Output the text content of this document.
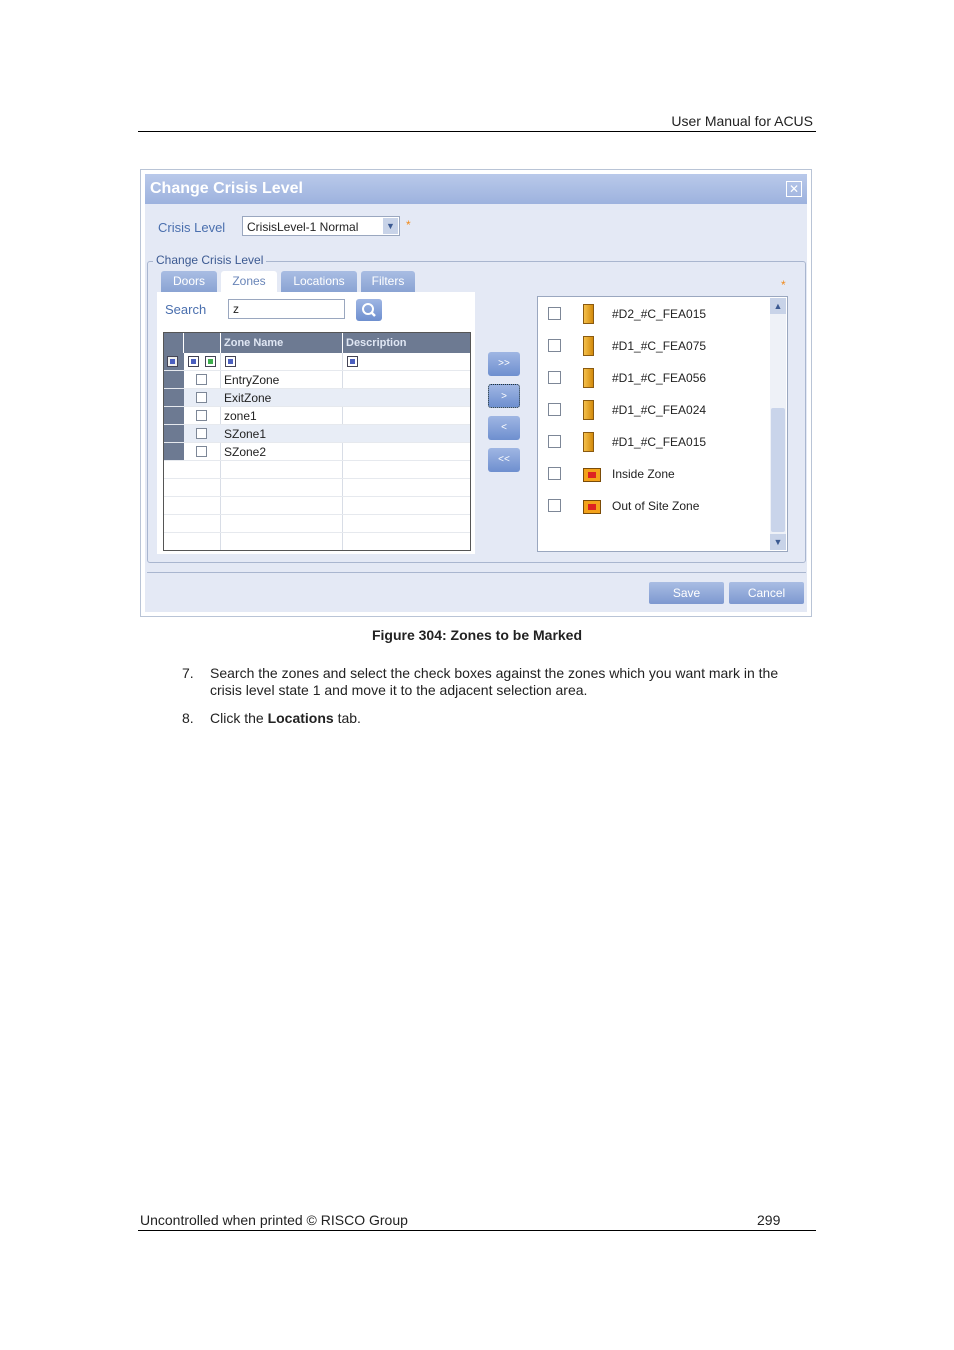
User Manual for ACUS
Change Crisis Level	✕
Crisis Level CrisisLevel-1 Normal	▼ *
Change Crisis Level
*
Doors	Zones	Locations	Filters
Search	z
Zone Name	Description
EntryZone
ExitZone
zone1
SZone1
SZone2
>>
>
<
<<
#D2_#C_FEA015
#D1_#C_FEA075
#D1_#C_FEA056
#D1_#C_FEA024
#D1_#C_FEA015
Inside Zone
Out of Site Zone
▲
▼
Save	Cancel
Figure 304: Zones to be Marked
7. Search the zones and select the check boxes against the zones which you want mark in the crisis level state 1 and move it to the adjacent selection area.
8. Click the Locations tab.
Uncontrolled when printed © RISCO Group	299
